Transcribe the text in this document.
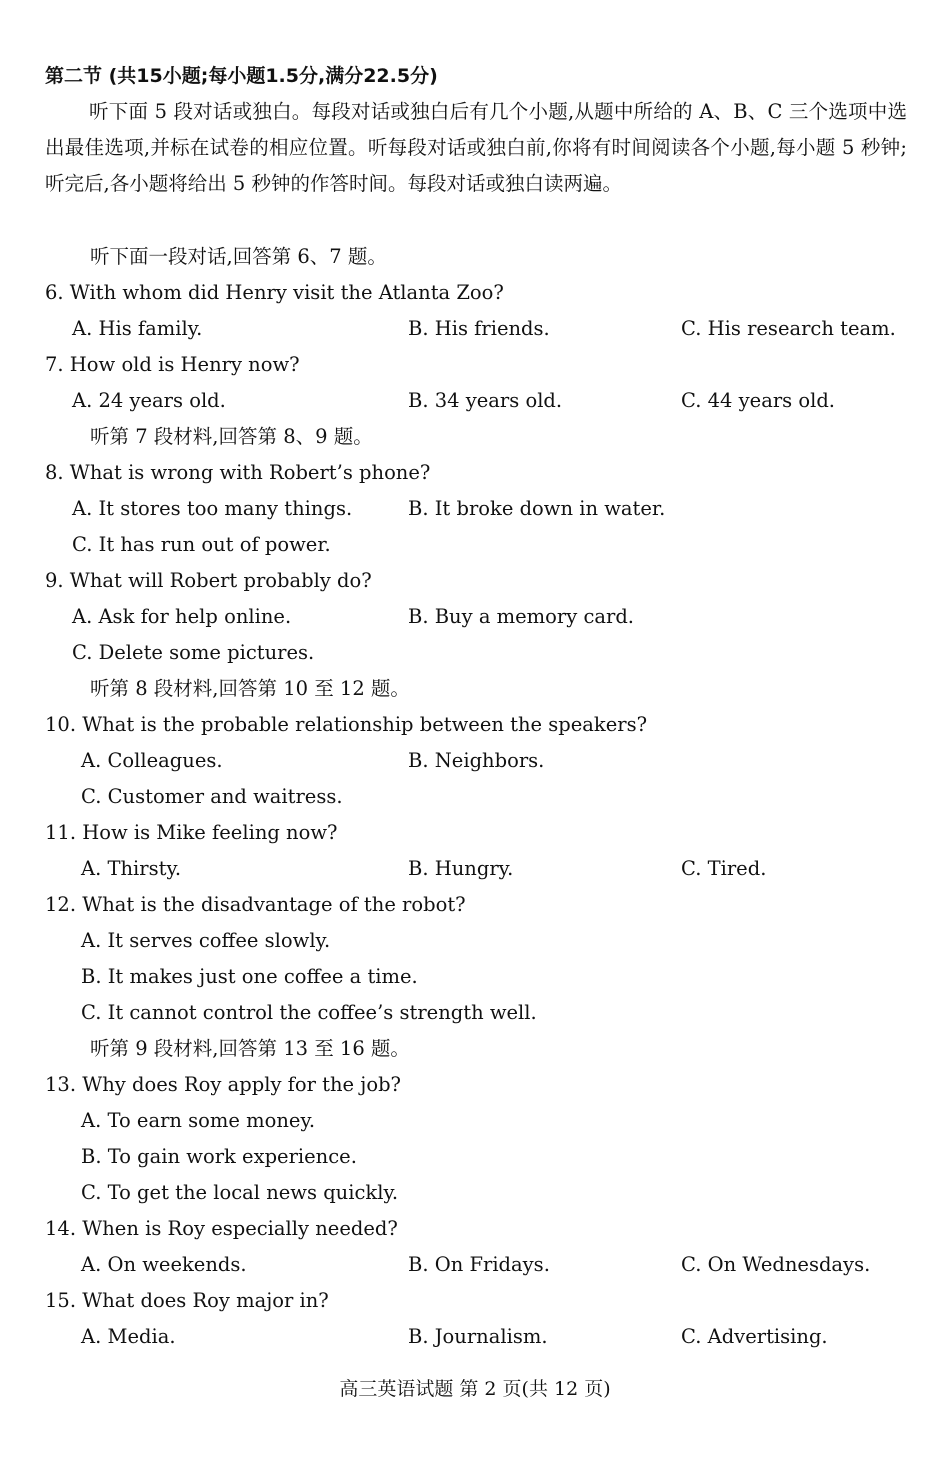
第二节 (共15小题;每小题1.5分,满分22.5分)
听下面 5 段对话或独白。每段对话或独白后有几个小题,从题中所给的 A、B、C 三个选项中选出最佳选项,并标在试卷的相应位置。听每段对话或独白前,你将有时间阅读各个小题,每小题 5 秒钟;听完后,各小题将给出 5 秒钟的作答时间。每段对话或独白读两遍。
听下面一段对话,回答第 6、7 题。
6. With whom did Henry visit the Atlanta Zoo?
A. His family.	B. His friends.	C. His research team.
7. How old is Henry now?
A. 24 years old.	B. 34 years old.	C. 44 years old.
听第 7 段材料,回答第 8、9 题。
8. What is wrong with Robert’s phone?
A. It stores too many things.	B. It broke down in water.
C. It has run out of power.
9. What will Robert probably do?
A. Ask for help online.	B. Buy a memory card.
C. Delete some pictures.
听第 8 段材料,回答第 10 至 12 题。
10. What is the probable relationship between the speakers?
A. Colleagues.	B. Neighbors.
C. Customer and waitress.
11. How is Mike feeling now?
A. Thirsty.	B. Hungry.	C. Tired.
12. What is the disadvantage of the robot?
A. It serves coffee slowly.
B. It makes just one coffee a time.
C. It cannot control the coffee’s strength well.
听第 9 段材料,回答第 13 至 16 题。
13. Why does Roy apply for the job?
A. To earn some money.
B. To gain work experience.
C. To get the local news quickly.
14. When is Roy especially needed?
A. On weekends.	B. On Fridays.	C. On Wednesdays.
15. What does Roy major in?
A. Media.	B. Journalism.	C. Advertising.
高三英语试题 第 2 页(共 12 页)
